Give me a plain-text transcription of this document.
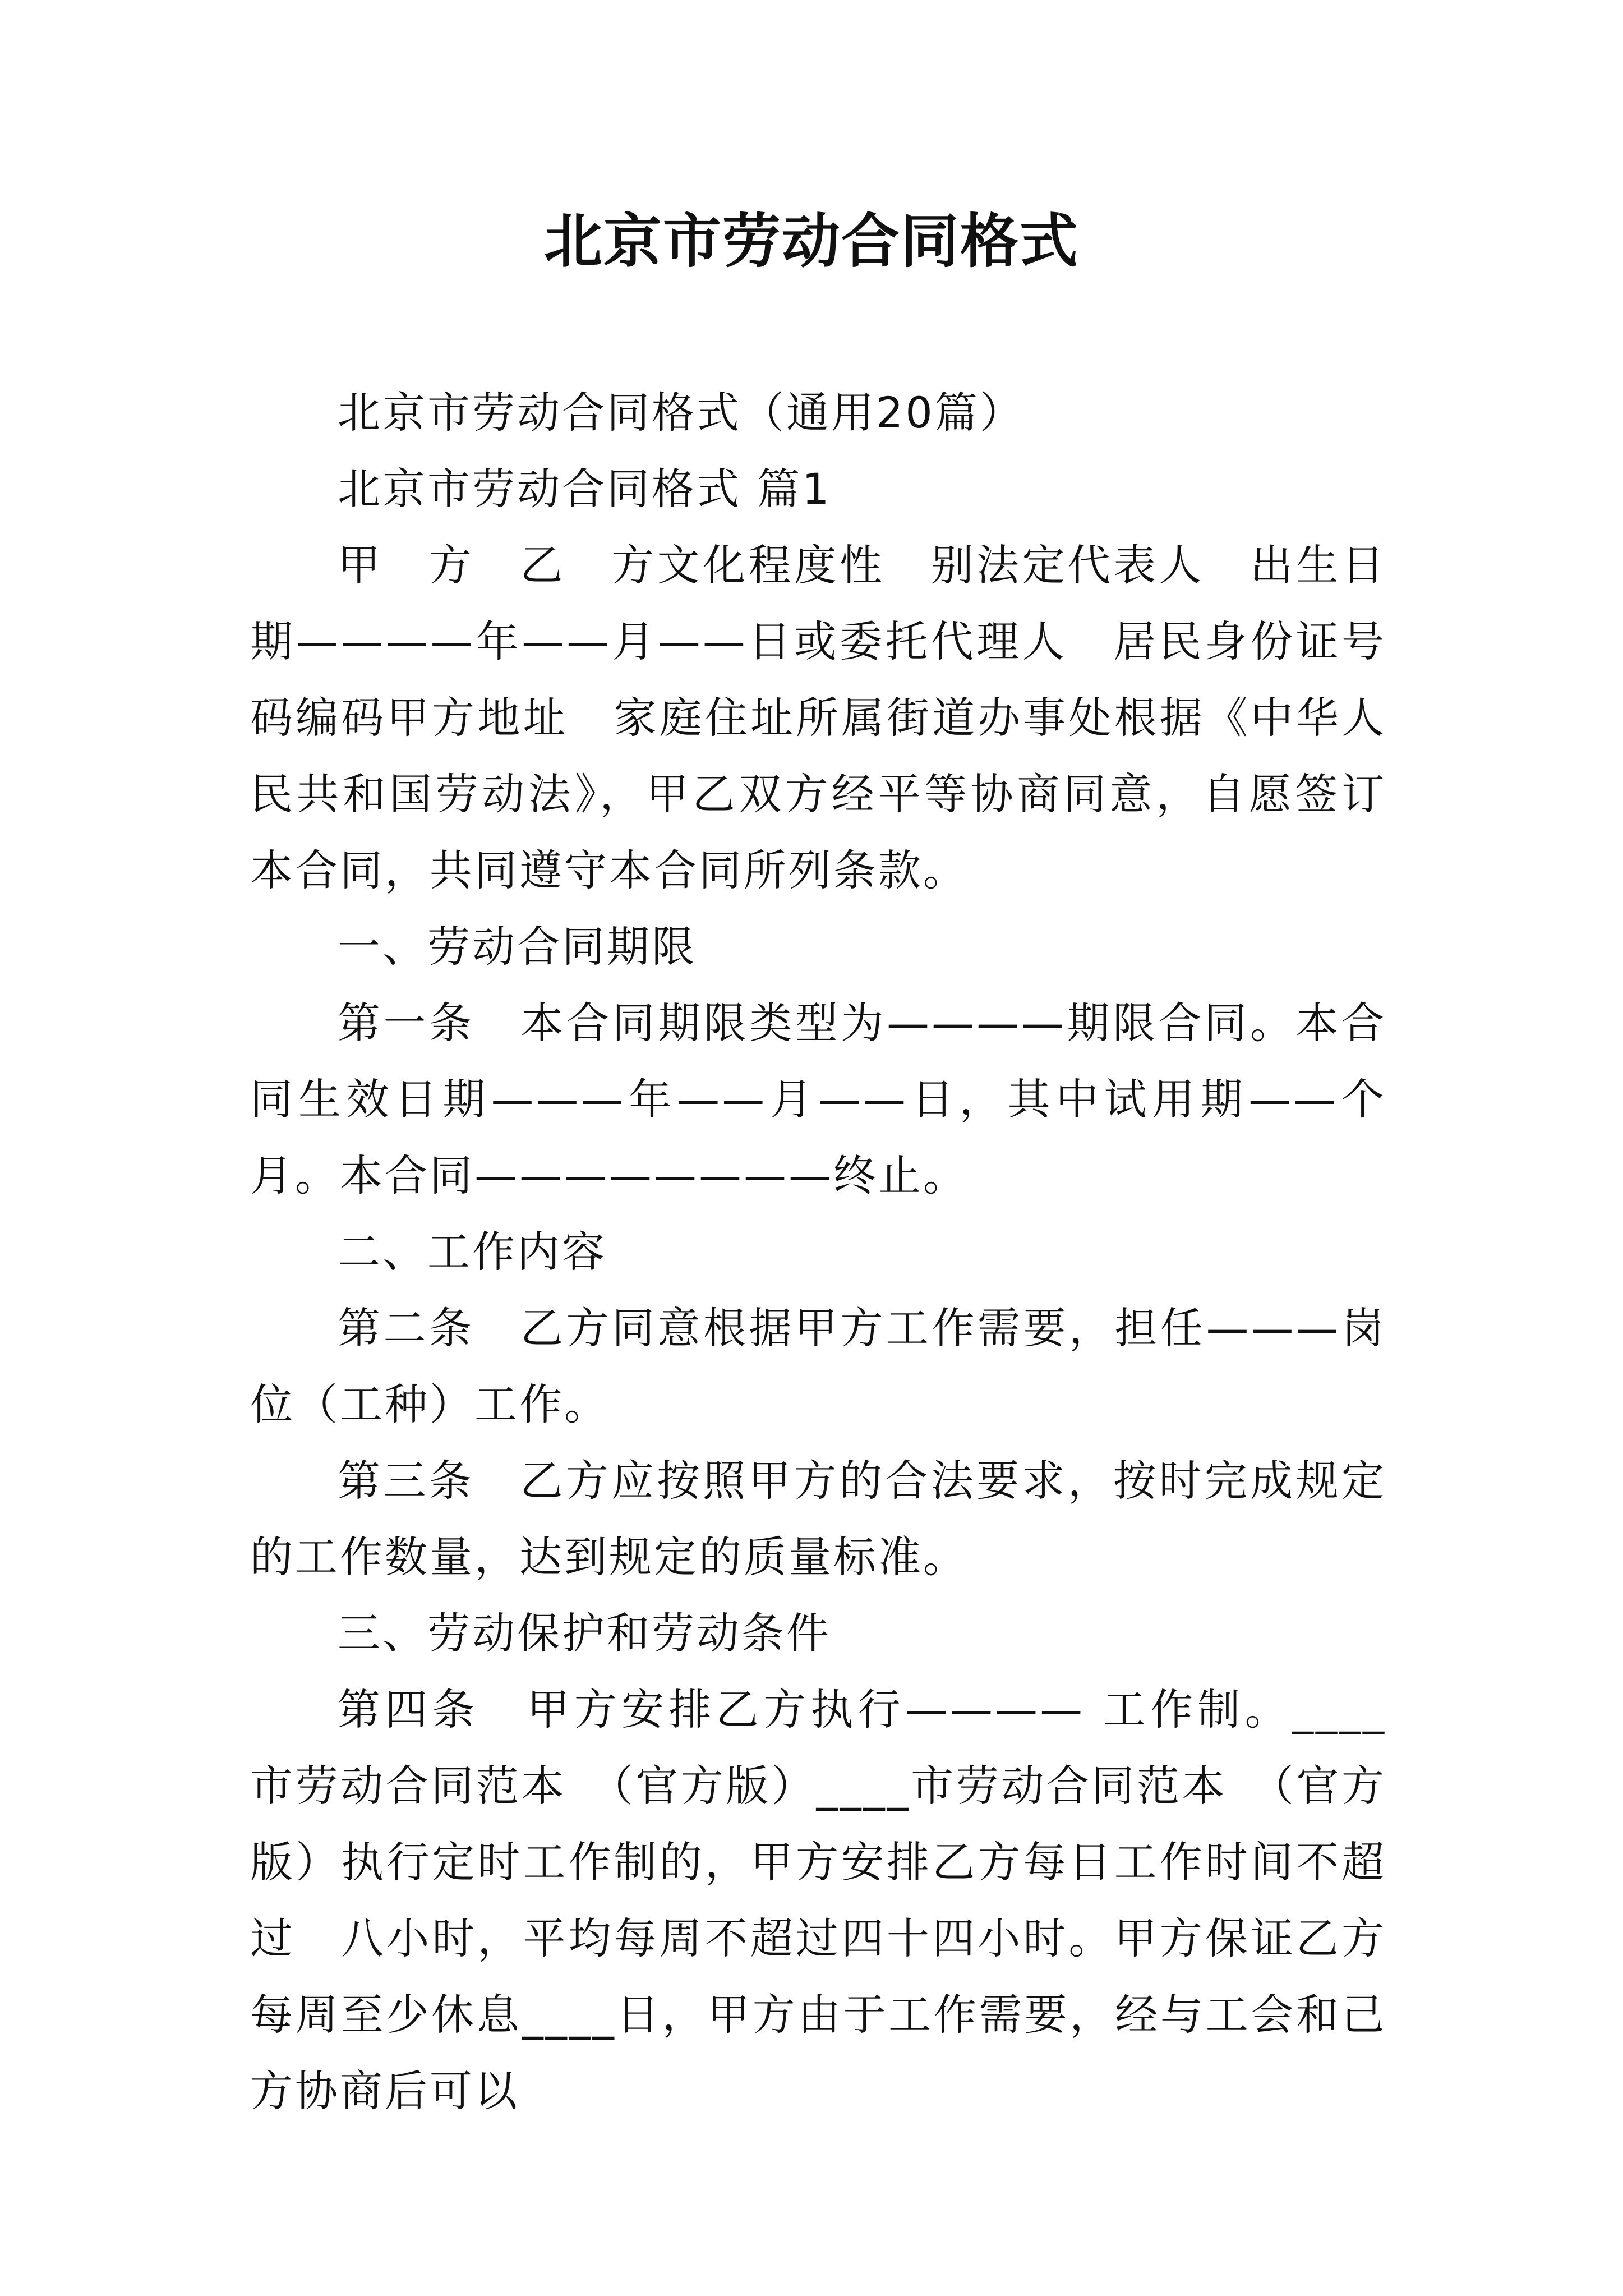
北京市劳动合同格式

北京市劳动合同格式（通用20篇）

北京市劳动合同格式 篇1

甲　方　乙　方文化程度性　别法定代表人　出生日期————年——月——日或委托代理人　居民身份证号码编码甲方地址　家庭住址所属街道办事处根据《中华人民共和国劳动法》，甲乙双方经平等协商同意，自愿签订本合同，共同遵守本合同所列条款。

一、劳动合同期限

第一条　本合同期限类型为————期限合同。本合同生效日期———年——月——日，其中试用期——个月。本合同————————终止。

二、工作内容

第二条　乙方同意根据甲方工作需要，担任———岗位（工种）工作。

第三条　乙方应按照甲方的合法要求，按时完成规定的工作数量，达到规定的质量标准。

三、劳动保护和劳动条件

第四条　甲方安排乙方执行———— 工作制。____市劳动合同范本　（官方版）____市劳动合同范本　（官方版）执行定时工作制的，甲方安排乙方每日工作时间不超过　八小时，平均每周不超过四十四小时。甲方保证乙方每周至少休息____日，甲方由于工作需要，经与工会和己方协商后可以
